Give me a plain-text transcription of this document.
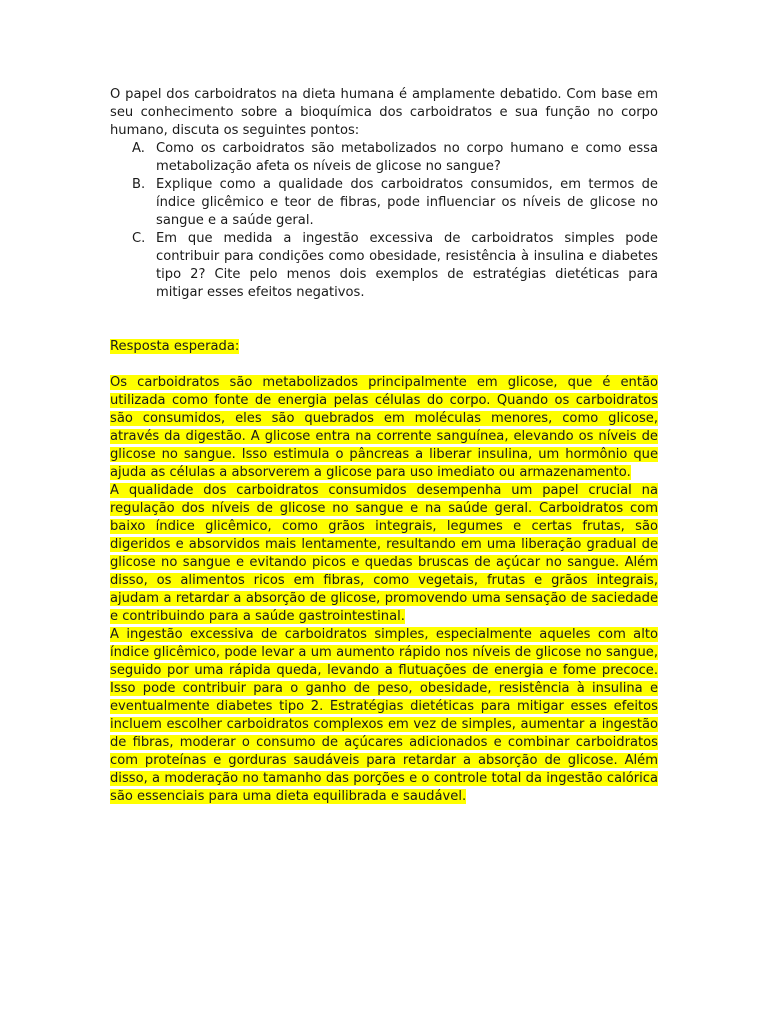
O papel dos carboidratos na dieta humana é amplamente debatido. Com base em seu conhecimento sobre a bioquímica dos carboidratos e sua função no corpo humano, discuta os seguintes pontos:

A. Como os carboidratos são metabolizados no corpo humano e como essa metabolização afeta os níveis de glicose no sangue?
B. Explique como a qualidade dos carboidratos consumidos, em termos de índice glicêmico e teor de fibras, pode influenciar os níveis de glicose no sangue e a saúde geral.
C. Em que medida a ingestão excessiva de carboidratos simples pode contribuir para condições como obesidade, resistência à insulina e diabetes tipo 2? Cite pelo menos dois exemplos de estratégias dietéticas para mitigar esses efeitos negativos.

Resposta esperada:

Os carboidratos são metabolizados principalmente em glicose, que é então utilizada como fonte de energia pelas células do corpo. Quando os carboidratos são consumidos, eles são quebrados em moléculas menores, como glicose, através da digestão. A glicose entra na corrente sanguínea, elevando os níveis de glicose no sangue. Isso estimula o pâncreas a liberar insulina, um hormônio que ajuda as células a absorverem a glicose para uso imediato ou armazenamento.

A qualidade dos carboidratos consumidos desempenha um papel crucial na regulação dos níveis de glicose no sangue e na saúde geral. Carboidratos com baixo índice glicêmico, como grãos integrais, legumes e certas frutas, são digeridos e absorvidos mais lentamente, resultando em uma liberação gradual de glicose no sangue e evitando picos e quedas bruscas de açúcar no sangue. Além disso, os alimentos ricos em fibras, como vegetais, frutas e grãos integrais, ajudam a retardar a absorção de glicose, promovendo uma sensação de saciedade e contribuindo para a saúde gastrointestinal.

A ingestão excessiva de carboidratos simples, especialmente aqueles com alto índice glicêmico, pode levar a um aumento rápido nos níveis de glicose no sangue, seguido por uma rápida queda, levando a flutuações de energia e fome precoce. Isso pode contribuir para o ganho de peso, obesidade, resistência à insulina e eventualmente diabetes tipo 2. Estratégias dietéticas para mitigar esses efeitos incluem escolher carboidratos complexos em vez de simples, aumentar a ingestão de fibras, moderar o consumo de açúcares adicionados e combinar carboidratos com proteínas e gorduras saudáveis para retardar a absorção de glicose. Além disso, a moderação no tamanho das porções e o controle total da ingestão calórica são essenciais para uma dieta equilibrada e saudável.
